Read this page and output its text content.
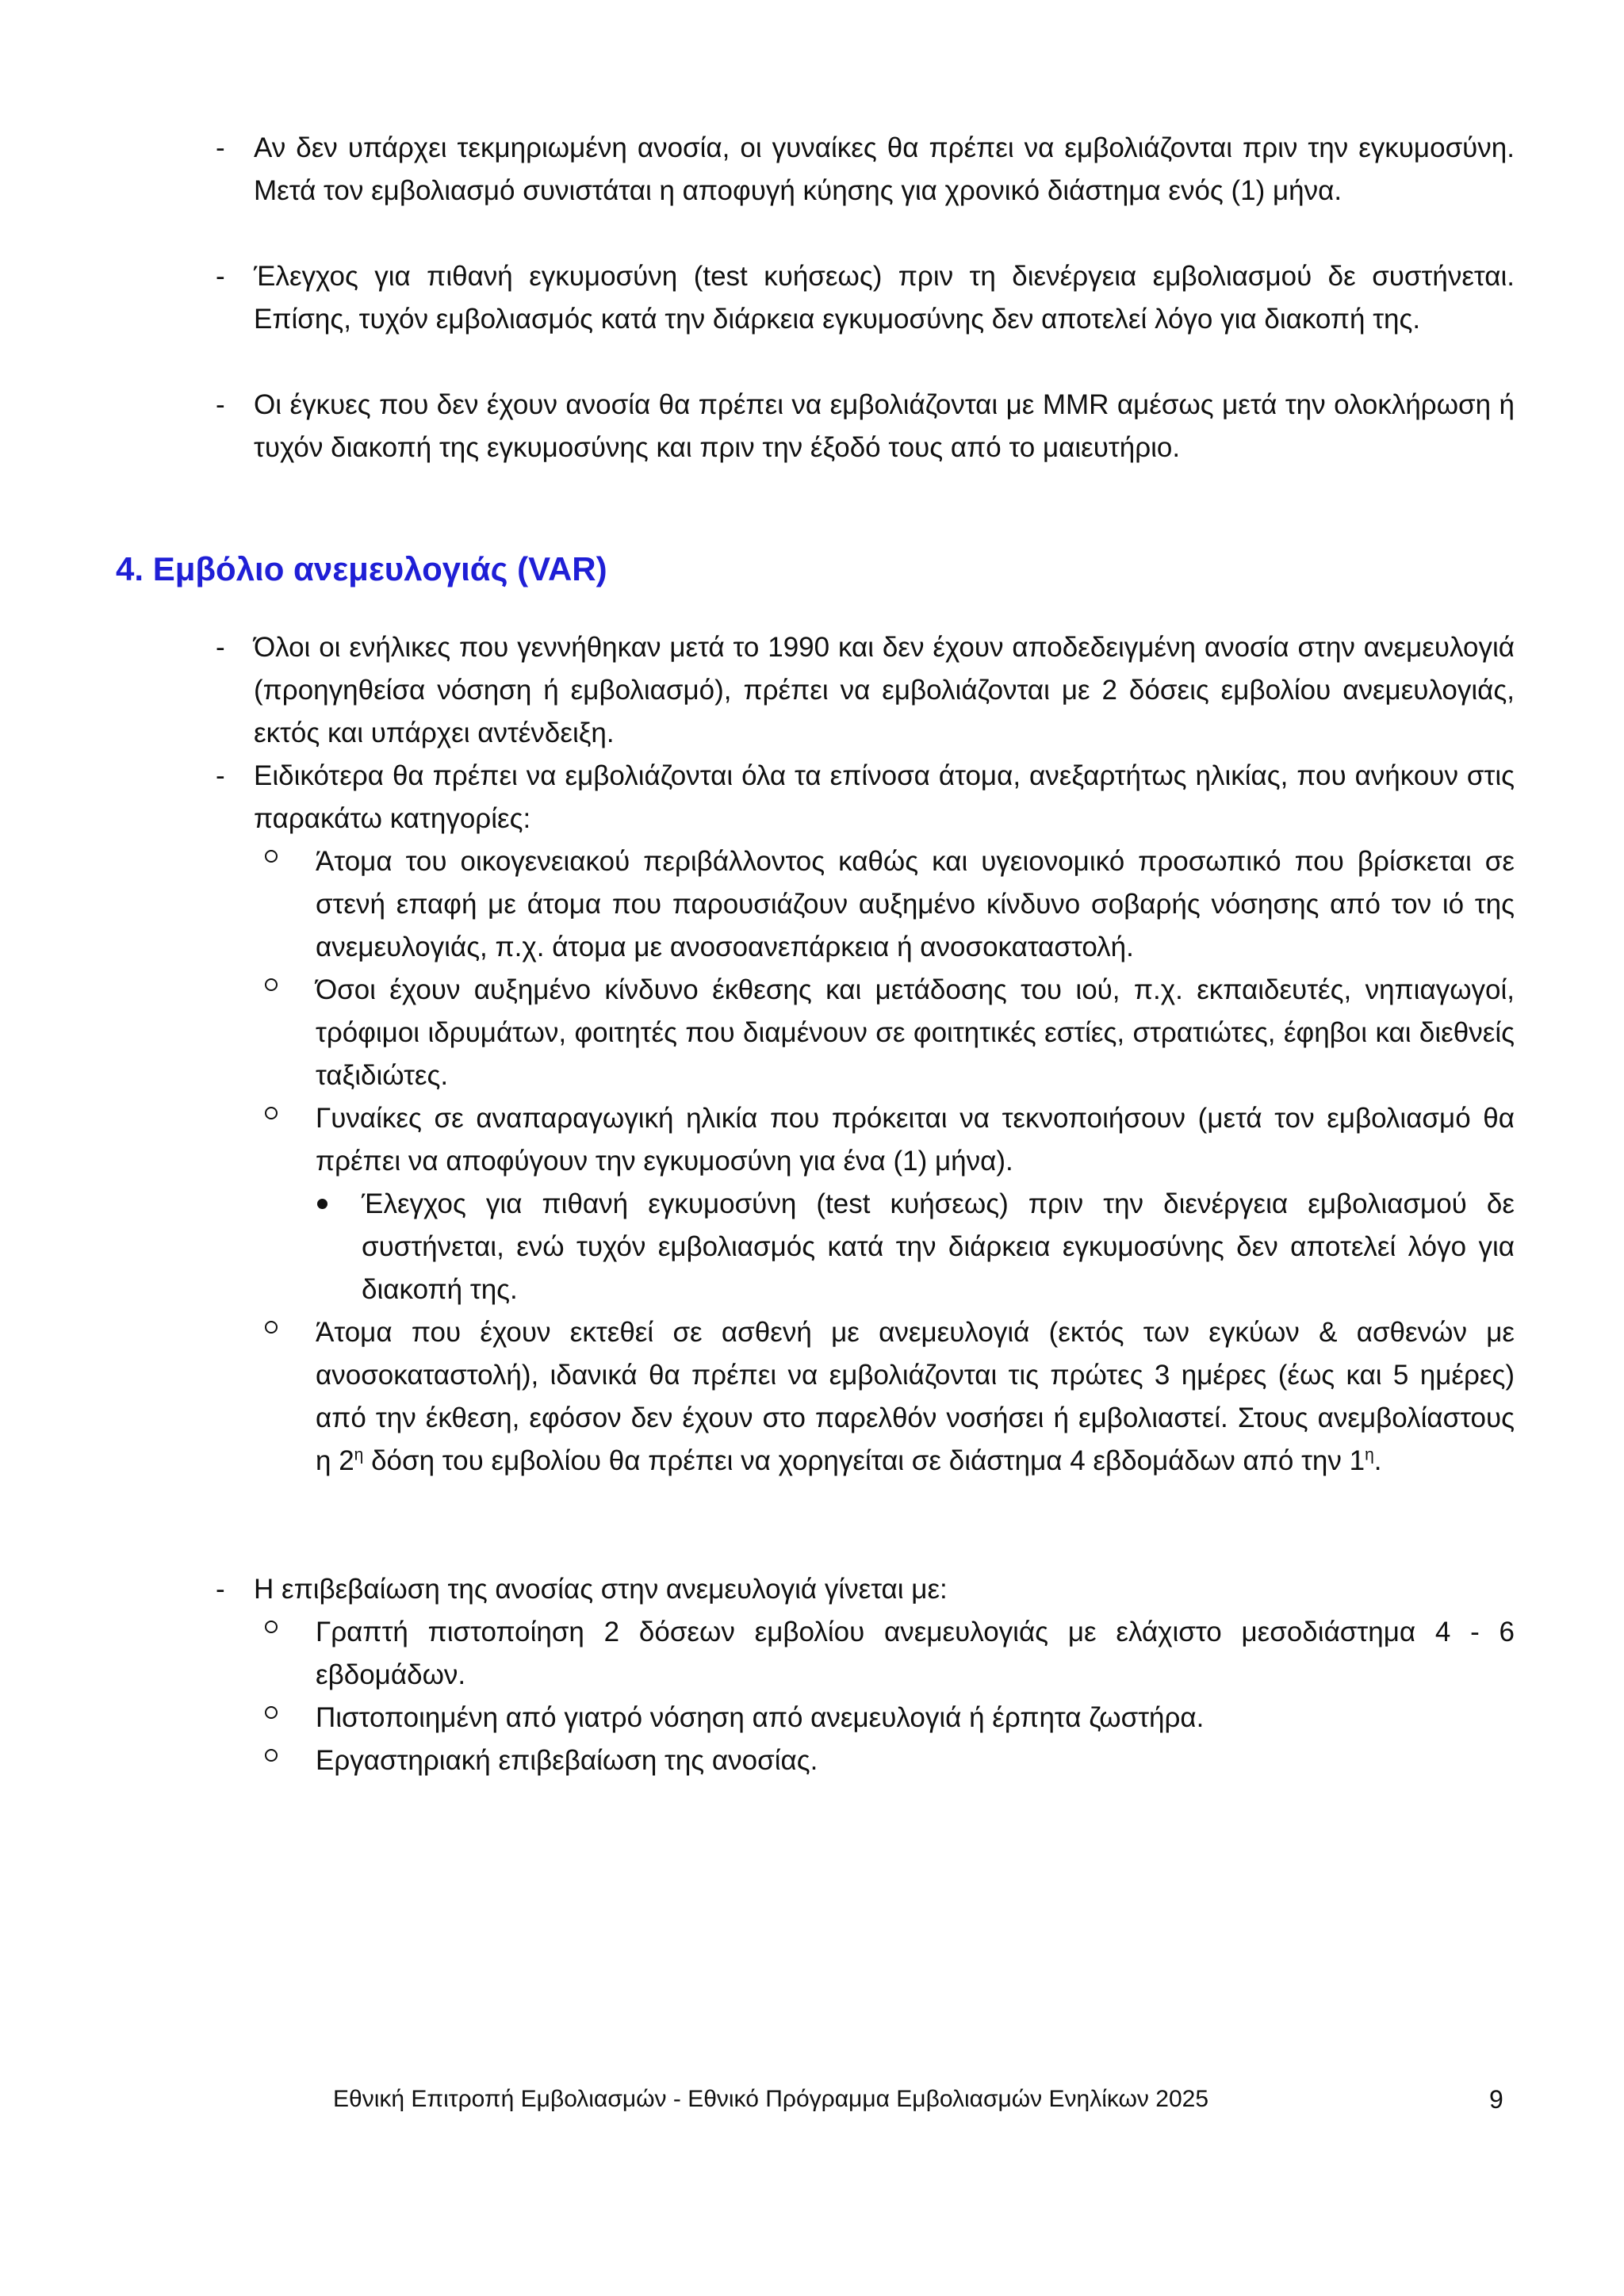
- Αν δεν υπάρχει τεκμηριωμένη ανοσία, οι γυναίκες θα πρέπει να εμβολιάζονται πριν την εγκυμοσύνη. Μετά τον εμβολιασμό συνιστάται η αποφυγή κύησης για χρονικό διάστημα ενός (1) μήνα.
- Έλεγχος για πιθανή εγκυμοσύνη (test κυήσεως) πριν τη διενέργεια εμβολιασμού δε συστήνεται. Επίσης, τυχόν εμβολιασμός κατά την διάρκεια εγκυμοσύνης δεν αποτελεί λόγο για διακοπή της.
- Οι έγκυες που δεν έχουν ανοσία θα πρέπει να εμβολιάζονται με MMR αμέσως μετά την ολοκλήρωση ή τυχόν διακοπή της εγκυμοσύνης και πριν την έξοδό τους από το μαιευτήριο.
4. Εμβόλιο ανεμευλογιάς (VAR)
- Όλοι οι ενήλικες που γεννήθηκαν μετά το 1990 και δεν έχουν αποδεδειγμένη ανοσία στην ανεμευλογιά (προηγηθείσα νόσηση ή εμβολιασμό), πρέπει να εμβολιάζονται με 2 δόσεις εμβολίου ανεμευλογιάς, εκτός και υπάρχει αντένδειξη.
- Ειδικότερα θα πρέπει να εμβολιάζονται όλα τα επίνοσα άτομα, ανεξαρτήτως ηλικίας, που ανήκουν στις παρακάτω κατηγορίες:
Άτομα του οικογενειακού περιβάλλοντος καθώς και υγειονομικό προσωπικό που βρίσκεται σε στενή επαφή με άτομα που παρουσιάζουν αυξημένο κίνδυνο σοβαρής νόσησης από τον ιό της ανεμευλογιάς, π.χ. άτομα με ανοσοανεπάρκεια ή ανοσοκαταστολή.
Όσοι έχουν αυξημένο κίνδυνο έκθεσης και μετάδοσης του ιού, π.χ. εκπαιδευτές, νηπιαγωγοί, τρόφιμοι ιδρυμάτων, φοιτητές που διαμένουν σε φοιτητικές εστίες, στρατιώτες, έφηβοι και διεθνείς ταξιδιώτες.
Γυναίκες σε αναπαραγωγική ηλικία που πρόκειται να τεκνοποιήσουν (μετά τον εμβολιασμό θα πρέπει να αποφύγουν την εγκυμοσύνη για ένα (1) μήνα).
Έλεγχος για πιθανή εγκυμοσύνη (test κυήσεως) πριν την διενέργεια εμβολιασμού δε συστήνεται, ενώ τυχόν εμβολιασμός κατά την διάρκεια εγκυμοσύνης δεν αποτελεί λόγο για διακοπή της.
Άτομα που έχουν εκτεθεί σε ασθενή με ανεμευλογιά (εκτός των εγκύων & ασθενών με ανοσοκαταστολή), ιδανικά θα πρέπει να εμβολιάζονται τις πρώτες 3 ημέρες (έως και 5 ημέρες) από την έκθεση, εφόσον δεν έχουν στο παρελθόν νοσήσει ή εμβολιαστεί. Στους ανεμβολίαστους η $2^\eta$ δόση του εμβολίου θα πρέπει να χορηγείται σε διάστημα 4 εβδομάδων από την $1^\eta$.
- Η επιβεβαίωση της ανοσίας στην ανεμευλογιά γίνεται με:
Γραπτή πιστοποίηση 2 δόσεων εμβολίου ανεμευλογιάς με ελάχιστο μεσοδιάστημα 4 - 6 εβδομάδων.
Πιστοποιημένη από γιατρό νόσηση από ανεμευλογιά ή έρπητα ζωστήρα.
Εργαστηριακή επιβεβαίωση της ανοσίας.
Εθνική Επιτροπή Εμβολιασμών - Εθνικό Πρόγραμμα Εμβολιασμών Ενηλίκων 2025	9
